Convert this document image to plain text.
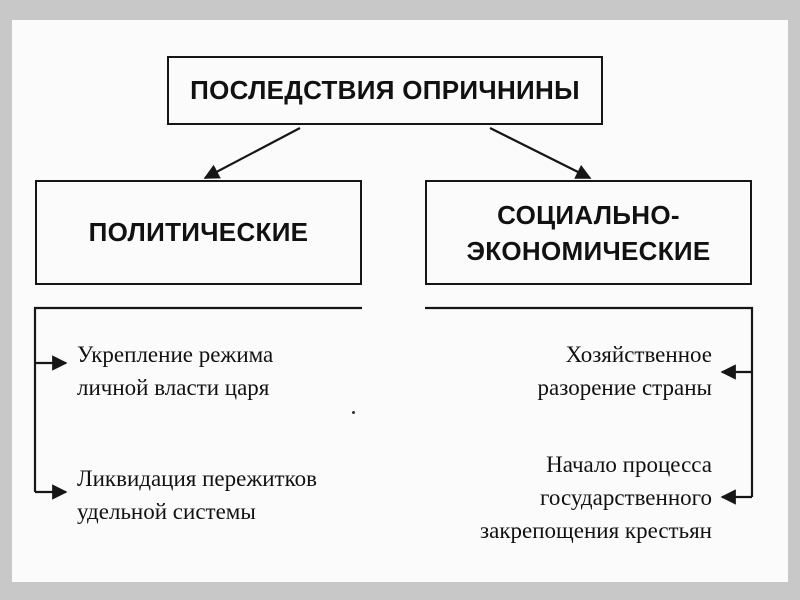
ПОСЛЕДСТВИЯ ОПРИЧНИНЫ
ПОЛИТИЧЕСКИЕ
СОЦИАЛЬНО-
ЭКОНОМИЧЕСКИЕ
Укрепление режима
личной власти царя
Ликвидация пережитков
удельной системы
Хозяйственное
разорение страны
Начало процесса
государственного
закрепощения крестьян
